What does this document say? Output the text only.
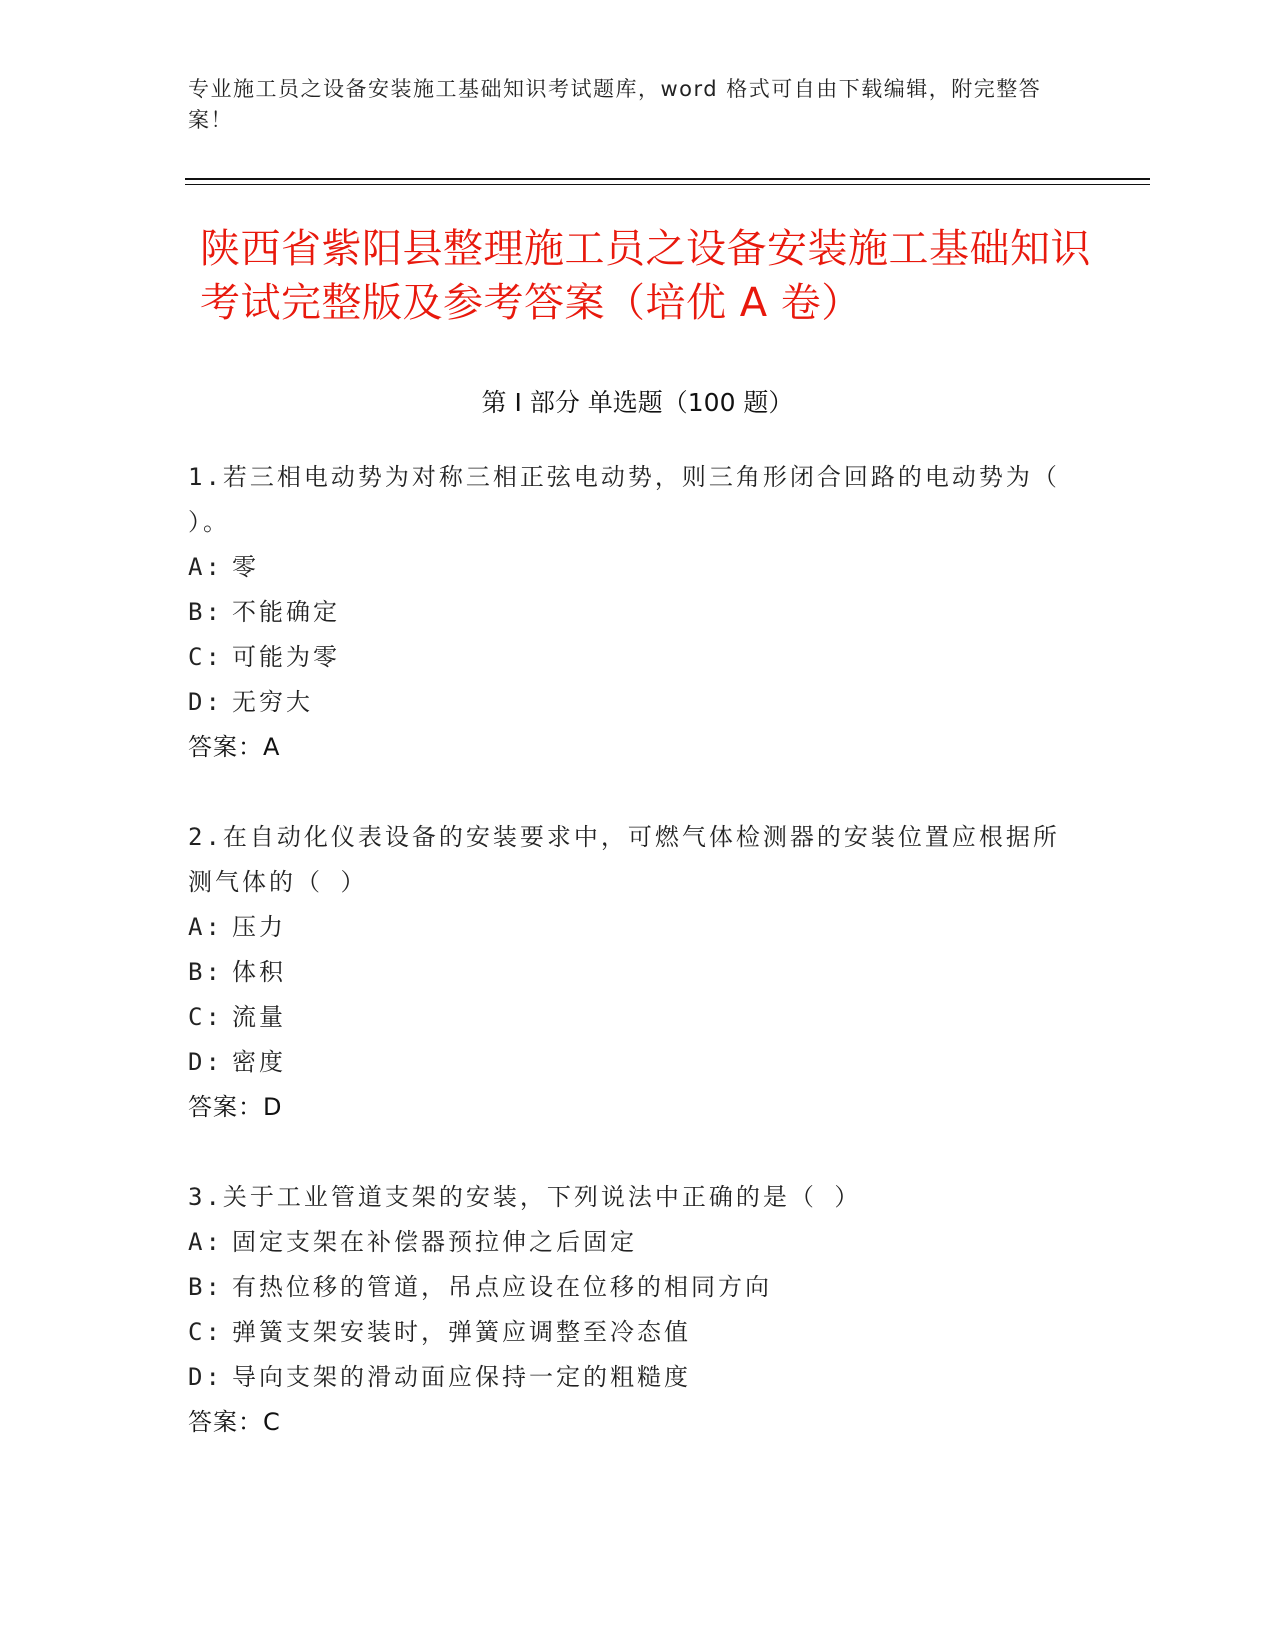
专业施工员之设备安装施工基础知识考试题库，word 格式可自由下载编辑，附完整答案！
陕西省紫阳县整理施工员之设备安装施工基础知识考试完整版及参考答案（培优 A 卷）
第 I 部分 单选题（100 题）
1.若三相电动势为对称三相正弦电动势，则三角形闭合回路的电动势为（ ）。
A: 零
B: 不能确定
C: 可能为零
D: 无穷大
答案：A
2.在自动化仪表设备的安装要求中，可燃气体检测器的安装位置应根据所测气体的（ ）
A: 压力
B: 体积
C: 流量
D: 密度
答案：D
3.关于工业管道支架的安装，下列说法中正确的是（ ）
A: 固定支架在补偿器预拉伸之后固定
B: 有热位移的管道，吊点应设在位移的相同方向
C: 弹簧支架安装时，弹簧应调整至冷态值
D: 导向支架的滑动面应保持一定的粗糙度
答案：C
